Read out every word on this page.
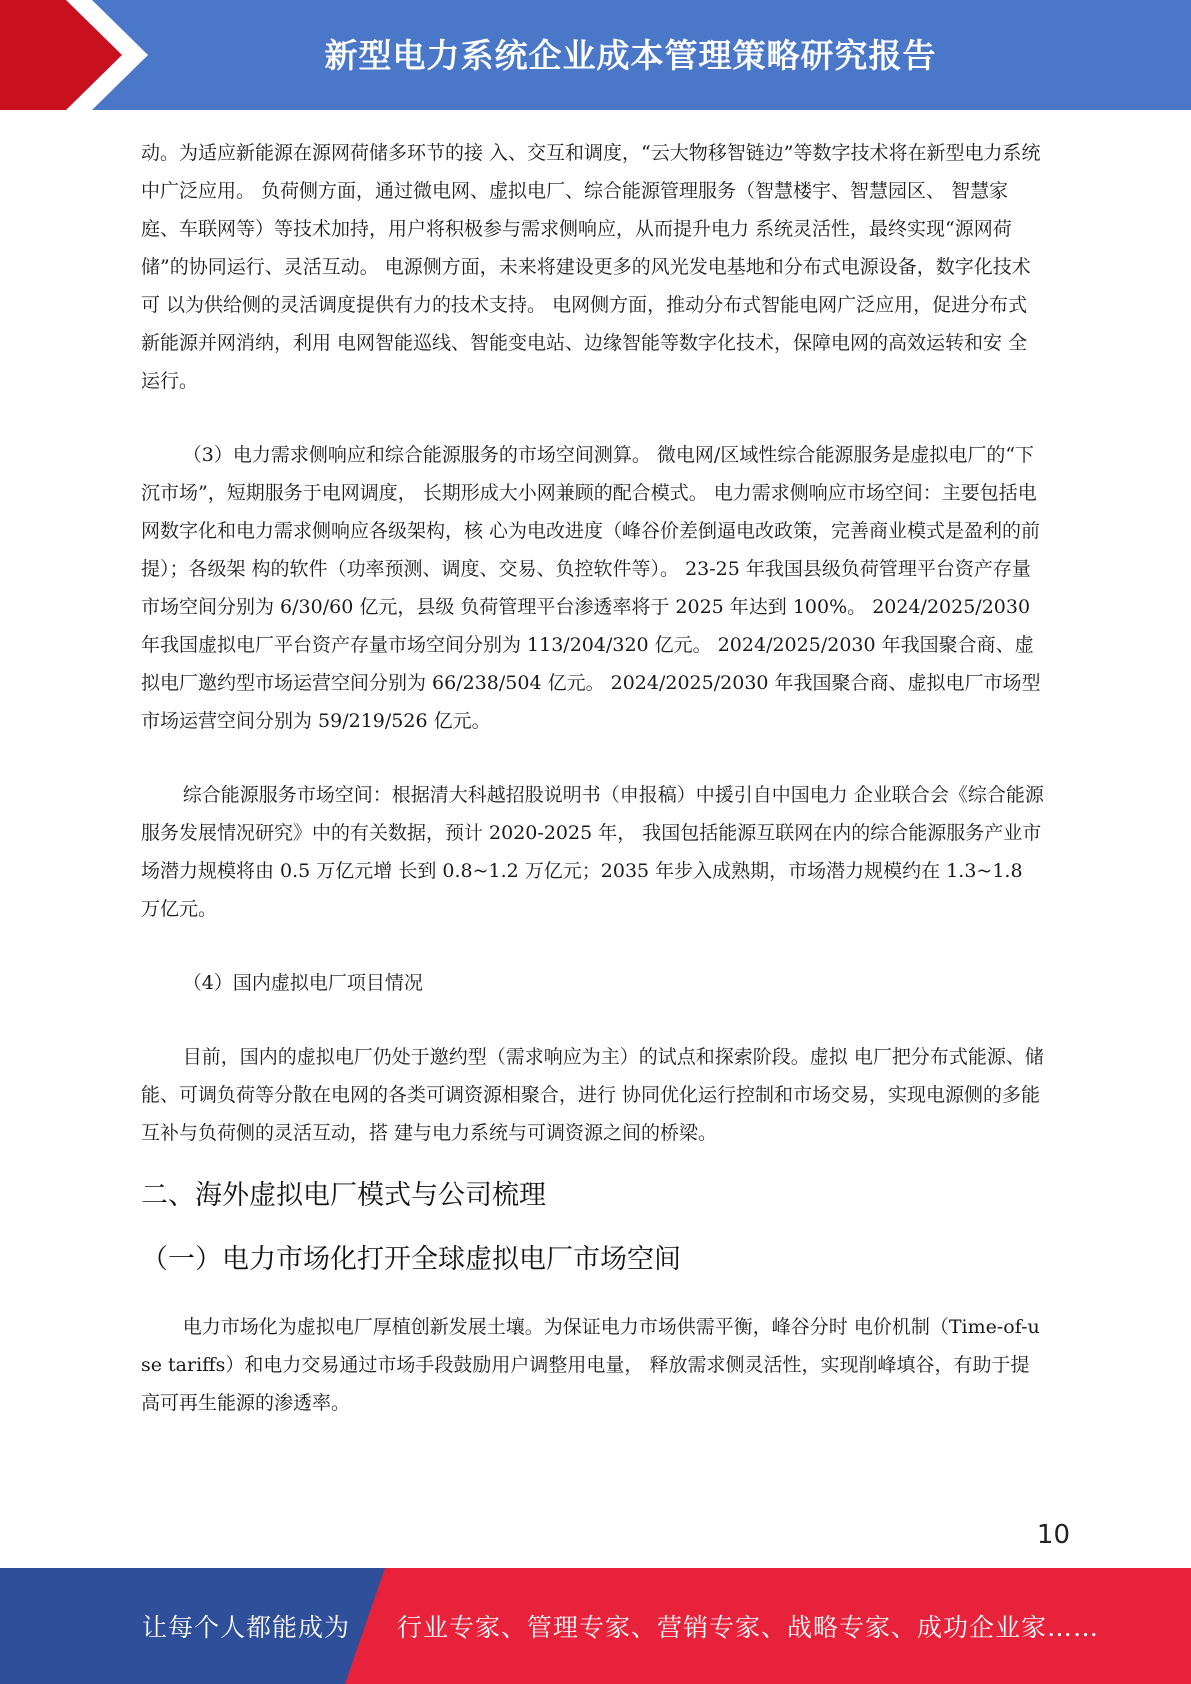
新型电力系统企业成本管理策略研究报告

动。为适应新能源在源网荷储多环节的接 入、交互和调度，“云大物移智链边”等数字技术将在新型电力系统中广泛应用。 负荷侧方面，通过微电网、虚拟电厂、综合能源管理服务（智慧楼宇、智慧园区、 智慧家庭、车联网等）等技术加持，用户将积极参与需求侧响应，从而提升电力 系统灵活性，最终实现“源网荷储”的协同运行、灵活互动。 电源侧方面，未来将建设更多的风光发电基地和分布式电源设备，数字化技术可 以为供给侧的灵活调度提供有力的技术支持。 电网侧方面，推动分布式智能电网广泛应用，促进分布式新能源并网消纳，利用 电网智能巡线、智能变电站、边缘智能等数字化技术，保障电网的高效运转和安 全运行。

（3）电力需求侧响应和综合能源服务的市场空间测算。 微电网/区域性综合能源服务是虚拟电厂的“下沉市场”，短期服务于电网调度， 长期形成大小网兼顾的配合模式。 电力需求侧响应市场空间：主要包括电网数字化和电力需求侧响应各级架构，核 心为电改进度（峰谷价差倒逼电改政策，完善商业模式是盈利的前提）；各级架 构的软件（功率预测、调度、交易、负控软件等）。 23-25 年我国县级负荷管理平台资产存量市场空间分别为 6/30/60 亿元，县级 负荷管理平台渗透率将于 2025 年达到 100%。 2024/2025/2030 年我国虚拟电厂平台资产存量市场空间分别为 113/204/320 亿元。 2024/2025/2030 年我国聚合商、虚拟电厂邀约型市场运营空间分别为 66/238/504 亿元。 2024/2025/2030 年我国聚合商、虚拟电厂市场型市场运营空间分别为 59/219/526 亿元。

综合能源服务市场空间：根据清大科越招股说明书（申报稿）中援引自中国电力 企业联合会《综合能源服务发展情况研究》中的有关数据，预计 2020-2025 年， 我国包括能源互联网在内的综合能源服务产业市场潜力规模将由 0.5 万亿元增 长到 0.8~1.2 万亿元；2035 年步入成熟期，市场潜力规模约在 1.3~1.8 万亿元。

（4）国内虚拟电厂项目情况

目前，国内的虚拟电厂仍处于邀约型（需求响应为主）的试点和探索阶段。虚拟 电厂把分布式能源、储能、可调负荷等分散在电网的各类可调资源相聚合，进行 协同优化运行控制和市场交易，实现电源侧的多能互补与负荷侧的灵活互动，搭 建与电力系统与可调资源之间的桥梁。

二、海外虚拟电厂模式与公司梳理
（一）电力市场化打开全球虚拟电厂市场空间

电力市场化为虚拟电厂厚植创新发展土壤。为保证电力市场供需平衡，峰谷分时 电价机制（Time-of-use tariffs）和电力交易通过市场手段鼓励用户调整用电量， 释放需求侧灵活性，实现削峰填谷，有助于提高可再生能源的渗透率。

10
让每个人都能成为 行业专家、管理专家、营销专家、战略专家、成功企业家……
